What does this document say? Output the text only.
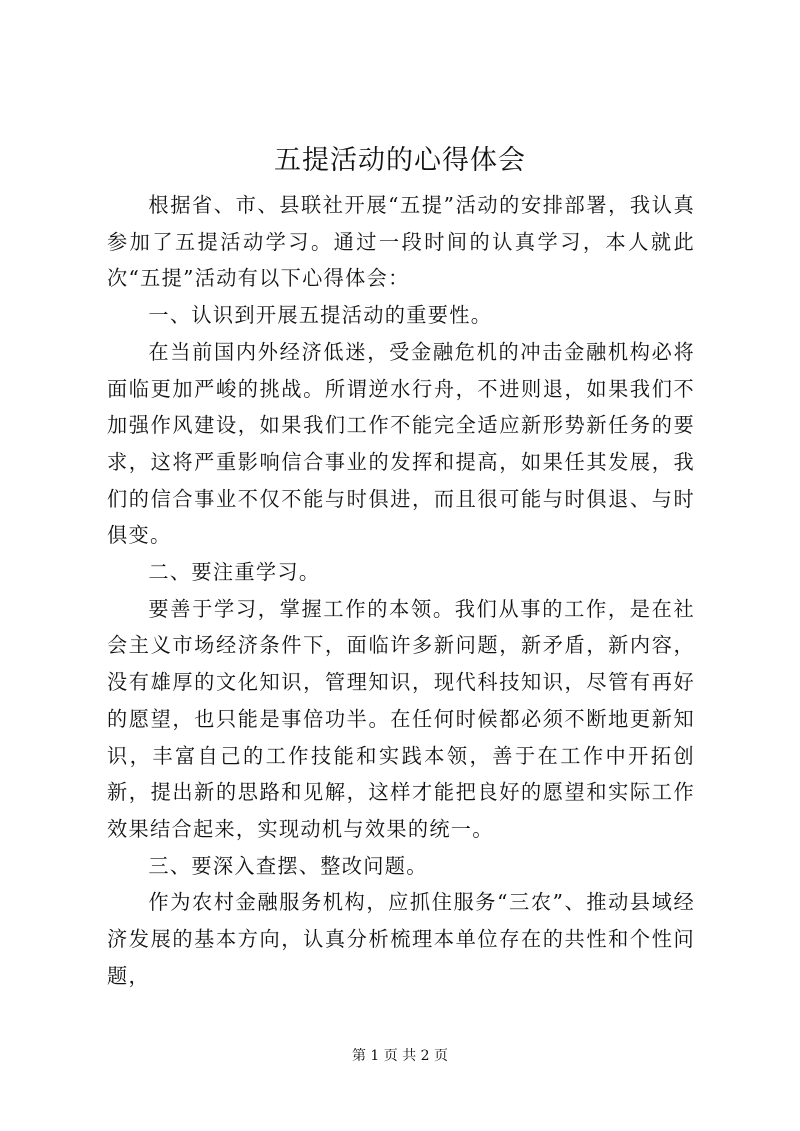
五提活动的心得体会

根据省、市、县联社开展“五提”活动的安排部署，我认真参加了五提活动学习。通过一段时间的认真学习，本人就此次“五提”活动有以下心得体会：

一、认识到开展五提活动的重要性。

在当前国内外经济低迷，受金融危机的冲击金融机构必将面临更加严峻的挑战。所谓逆水行舟，不进则退，如果我们不加强作风建设，如果我们工作不能完全适应新形势新任务的要求，这将严重影响信合事业的发挥和提高，如果任其发展，我们的信合事业不仅不能与时俱进，而且很可能与时俱退、与时俱变。

二、要注重学习。

要善于学习，掌握工作的本领。我们从事的工作，是在社会主义市场经济条件下，面临许多新问题，新矛盾，新内容，没有雄厚的文化知识，管理知识，现代科技知识，尽管有再好的愿望，也只能是事倍功半。在任何时候都必须不断地更新知识，丰富自己的工作技能和实践本领，善于在工作中开拓创新，提出新的思路和见解，这样才能把良好的愿望和实际工作效果结合起来，实现动机与效果的统一。

三、要深入查摆、整改问题。

作为农村金融服务机构，应抓住服务“三农”、推动县域经济发展的基本方向，认真分析梳理本单位存在的共性和个性问题，

第 1 页 共 2 页
